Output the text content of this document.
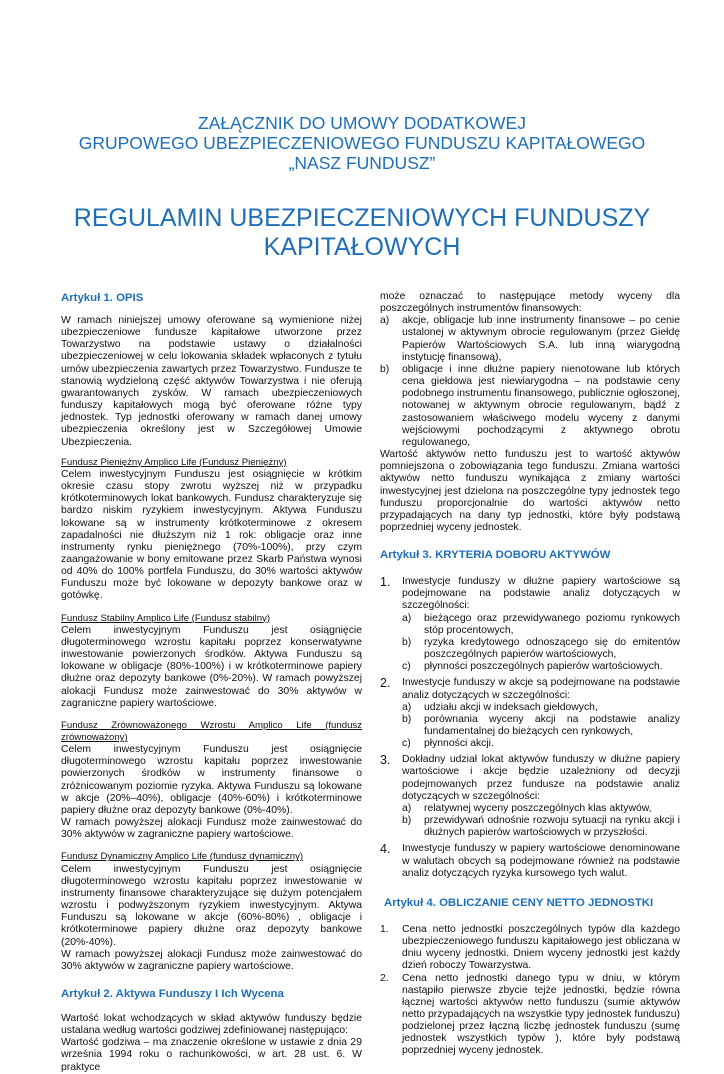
ZAŁĄCZNIK DO UMOWY DODATKOWEJ
GRUPOWEGO UBEZPIECZENIOWEGO FUNDUSZU KAPITAŁOWEGO
„NASZ FUNDUSZ”
REGULAMIN UBEZPIECZENIOWYCH FUNDUSZY
KAPITAŁOWYCH

Artykuł 1. OPIS

W ramach niniejszej umowy oferowane są wymienione niżej ubezpieczeniowe fundusze kapitałowe utworzone przez Towarzystwo na podstawie ustawy o działalności ubezpieczeniowej w celu lokowania składek wpłaconych z tytułu umów ubezpieczenia zawartych przez Towarzystwo. Fundusze te stanowią wydzieloną część aktywów Towarzystwa i nie oferują gwarantowanych zysków. W ramach ubezpieczeniowych funduszy kapitałowych mogą być oferowane różne typy jednostek. Typ jednostki oferowany w ramach danej umowy ubezpieczenia określony jest w Szczegółowej Umowie Ubezpieczenia.

Fundusz Pieniężny Amplico Life (Fundusz Pieniężny)

Celem inwestycyjnym Funduszu jest osiągnięcie w krótkim okresie czasu stopy zwrotu wyższej niż w przypadku krótkoterminowych lokat bankowych. Fundusz charakteryzuje się bardzo niskim ryzykiem inwestycyjnym. Aktywa Funduszu lokowane są w instrumenty krótkoterminowe z okresem zapadalności nie dłuższym niż 1 rok: obligacje oraz inne instrumenty rynku pieniężnego (70%-100%), przy czym zaangażowanie w bony emitowane przez Skarb Państwa wynosi od 40% do 100% portfela Funduszu, do 30% wartości aktywów Funduszu może być lokowane w depozyty bankowe oraz w gotówkę.

Fundusz Stabilny Amplico Life (Fundusz stabilny)

Celem inwestycyjnym Funduszu jest osiągnięcie długoterminowego wzrostu kapitału poprzez konserwatywne inwestowanie powierzonych środków. Aktywa Funduszu są lokowane w obligacje (80%-100%) i w krótkoterminowe papiery dłużne oraz depozyty bankowe (0%-20%). W ramach powyższej alokacji Fundusz może zainwestować do 30% aktywów w zagraniczne papiery wartościowe.

Fundusz Zrównoważonego Wzrostu Amplico Life (fundusz zrównoważony)

Celem inwestycyjnym Funduszu jest osiągnięcie długoterminowego wzrostu kapitału poprzez inwestowanie powierzonych środków w instrumenty finansowe o zróżnicowanym poziomie ryzyka. Aktywa Funduszu są lokowane w akcje (20%–40%), obligacje (40%-60%) i krótkoterminowe papiery dłużne oraz depozyty bankowe (0%-40%).

W ramach powyższej alokacji Fundusz może zainwestować do 30% aktywów w zagraniczne papiery wartościowe.

Fundusz Dynamiczny Amplico Life (fundusz dynamiczny)

Celem inwestycyjnym Funduszu jest osiągnięcie długoterminowego wzrostu kapitału poprzez inwestowanie w instrumenty finansowe charakteryzujące się dużym potencjałem wzrostu i podwyższonym ryzykiem inwestycyjnym. Aktywa Funduszu są lokowane w akcje (60%-80%) , obligacje i krótkoterminowe papiery dłużne oraz depozyty bankowe (20%-40%).

W ramach powyższej alokacji Fundusz może zainwestować do 30% aktywów w zagraniczne papiery wartościowe.

Artykuł 2. Aktywa Funduszy I Ich Wycena

Wartość lokat wchodzących w skład aktywów funduszy będzie ustalana według wartości godziwej zdefiniowanej następująco:

Wartość godziwa – ma znaczenie określone w ustawie z dnia 29 września 1994 roku o rachunkowości, w art. 28 ust. 6. W praktyce

może oznaczać to następujące metody wyceny dla poszczególnych instrumentów finansowych:

a)	akcje, obligacje lub inne instrumenty finansowe – po cenie ustalonej w aktywnym obrocie regulowanym (przez Giełdę Papierów Wartościowych S.A. lub inną wiarygodną instytucję finansową),
b)	obligacje i inne dłużne papiery nienotowane lub których cena giełdowa jest niewiarygodna – na podstawie ceny podobnego instrumentu finansowego, publicznie ogłoszonej, notowanej w aktywnym obrocie regulowanym, bądź z zastosowaniem właściwego modelu wyceny z danymi wejściowymi pochodzącymi z aktywnego obrotu regulowanego,

Wartość aktywów netto funduszu jest to wartość aktywów pomniejszona o zobowiązania tego funduszu. Zmiana wartości aktywów netto funduszu wynikająca z zmiany wartości inwestycyjnej jest dzielona na poszczególne typy jednostek tego funduszu proporcjonalnie do wartości aktywów netto przypadających na dany typ jednostki, które były podstawą poprzedniej wyceny jednostek.

Artykuł 3. KRYTERIA DOBORU AKTYWÓW

1.	Inwestycje funduszy w dłużne papiery wartościowe są podejmowane na podstawie analiz dotyczących w szczególności:

a)	bieżącego oraz przewidywanego poziomu rynkowych stóp procentowych,
b)	ryzyka kredytowego odnoszącego się do emitentów poszczególnych papierów wartościowych,
c)	płynności poszczególnych papierów wartościowych.
2.	Inwestycje funduszy w akcje są podejmowane na podstawie analiz dotyczących w szczególności:

a)	udziału akcji w indeksach giełdowych,
b)	porównania wyceny akcji na podstawie analizy fundamentalnej do bieżących cen rynkowych,
c)	płynności akcji.
3.	Dokładny udział lokat aktywów funduszy w dłużne papiery wartościowe i akcje będzie uzależniony od decyzji podejmowanych przez fundusze na podstawie analiz dotyczących w szczególności:

a)	relatywnej wyceny poszczególnych klas aktywów,
b)	przewidywań odnośnie rozwoju sytuacji na rynku akcji i dłużnych papierów wartościowych w przyszłości.
4.	Inwestycje funduszy w papiery wartościowe denominowane w walutach obcych są podejmowane również na podstawie analiz dotyczących ryzyka kursowego tych walut.

Artykuł 4. OBLICZANIE CENY NETTO JEDNOSTKI

1.	Cena netto jednostki poszczególnych typów dla każdego ubezpieczeniowego funduszu kapitałowego jest obliczana w dniu wyceny jednostki. Dniem wyceny jednostki jest każdy dzień roboczy Towarzystwa.
2.	Cena netto jednostki danego typu w dniu, w którym nastąpiło pierwsze zbycie tejże jednostki, będzie równa łącznej wartości aktywów netto funduszu (sumie aktywów netto przypadających na wszystkie typy jednostek funduszu) podzielonej przez łączną liczbę jednostek funduszu (sumę jednostek wszystkich typów ), które były podstawą poprzedniej wyceny jednostek.
